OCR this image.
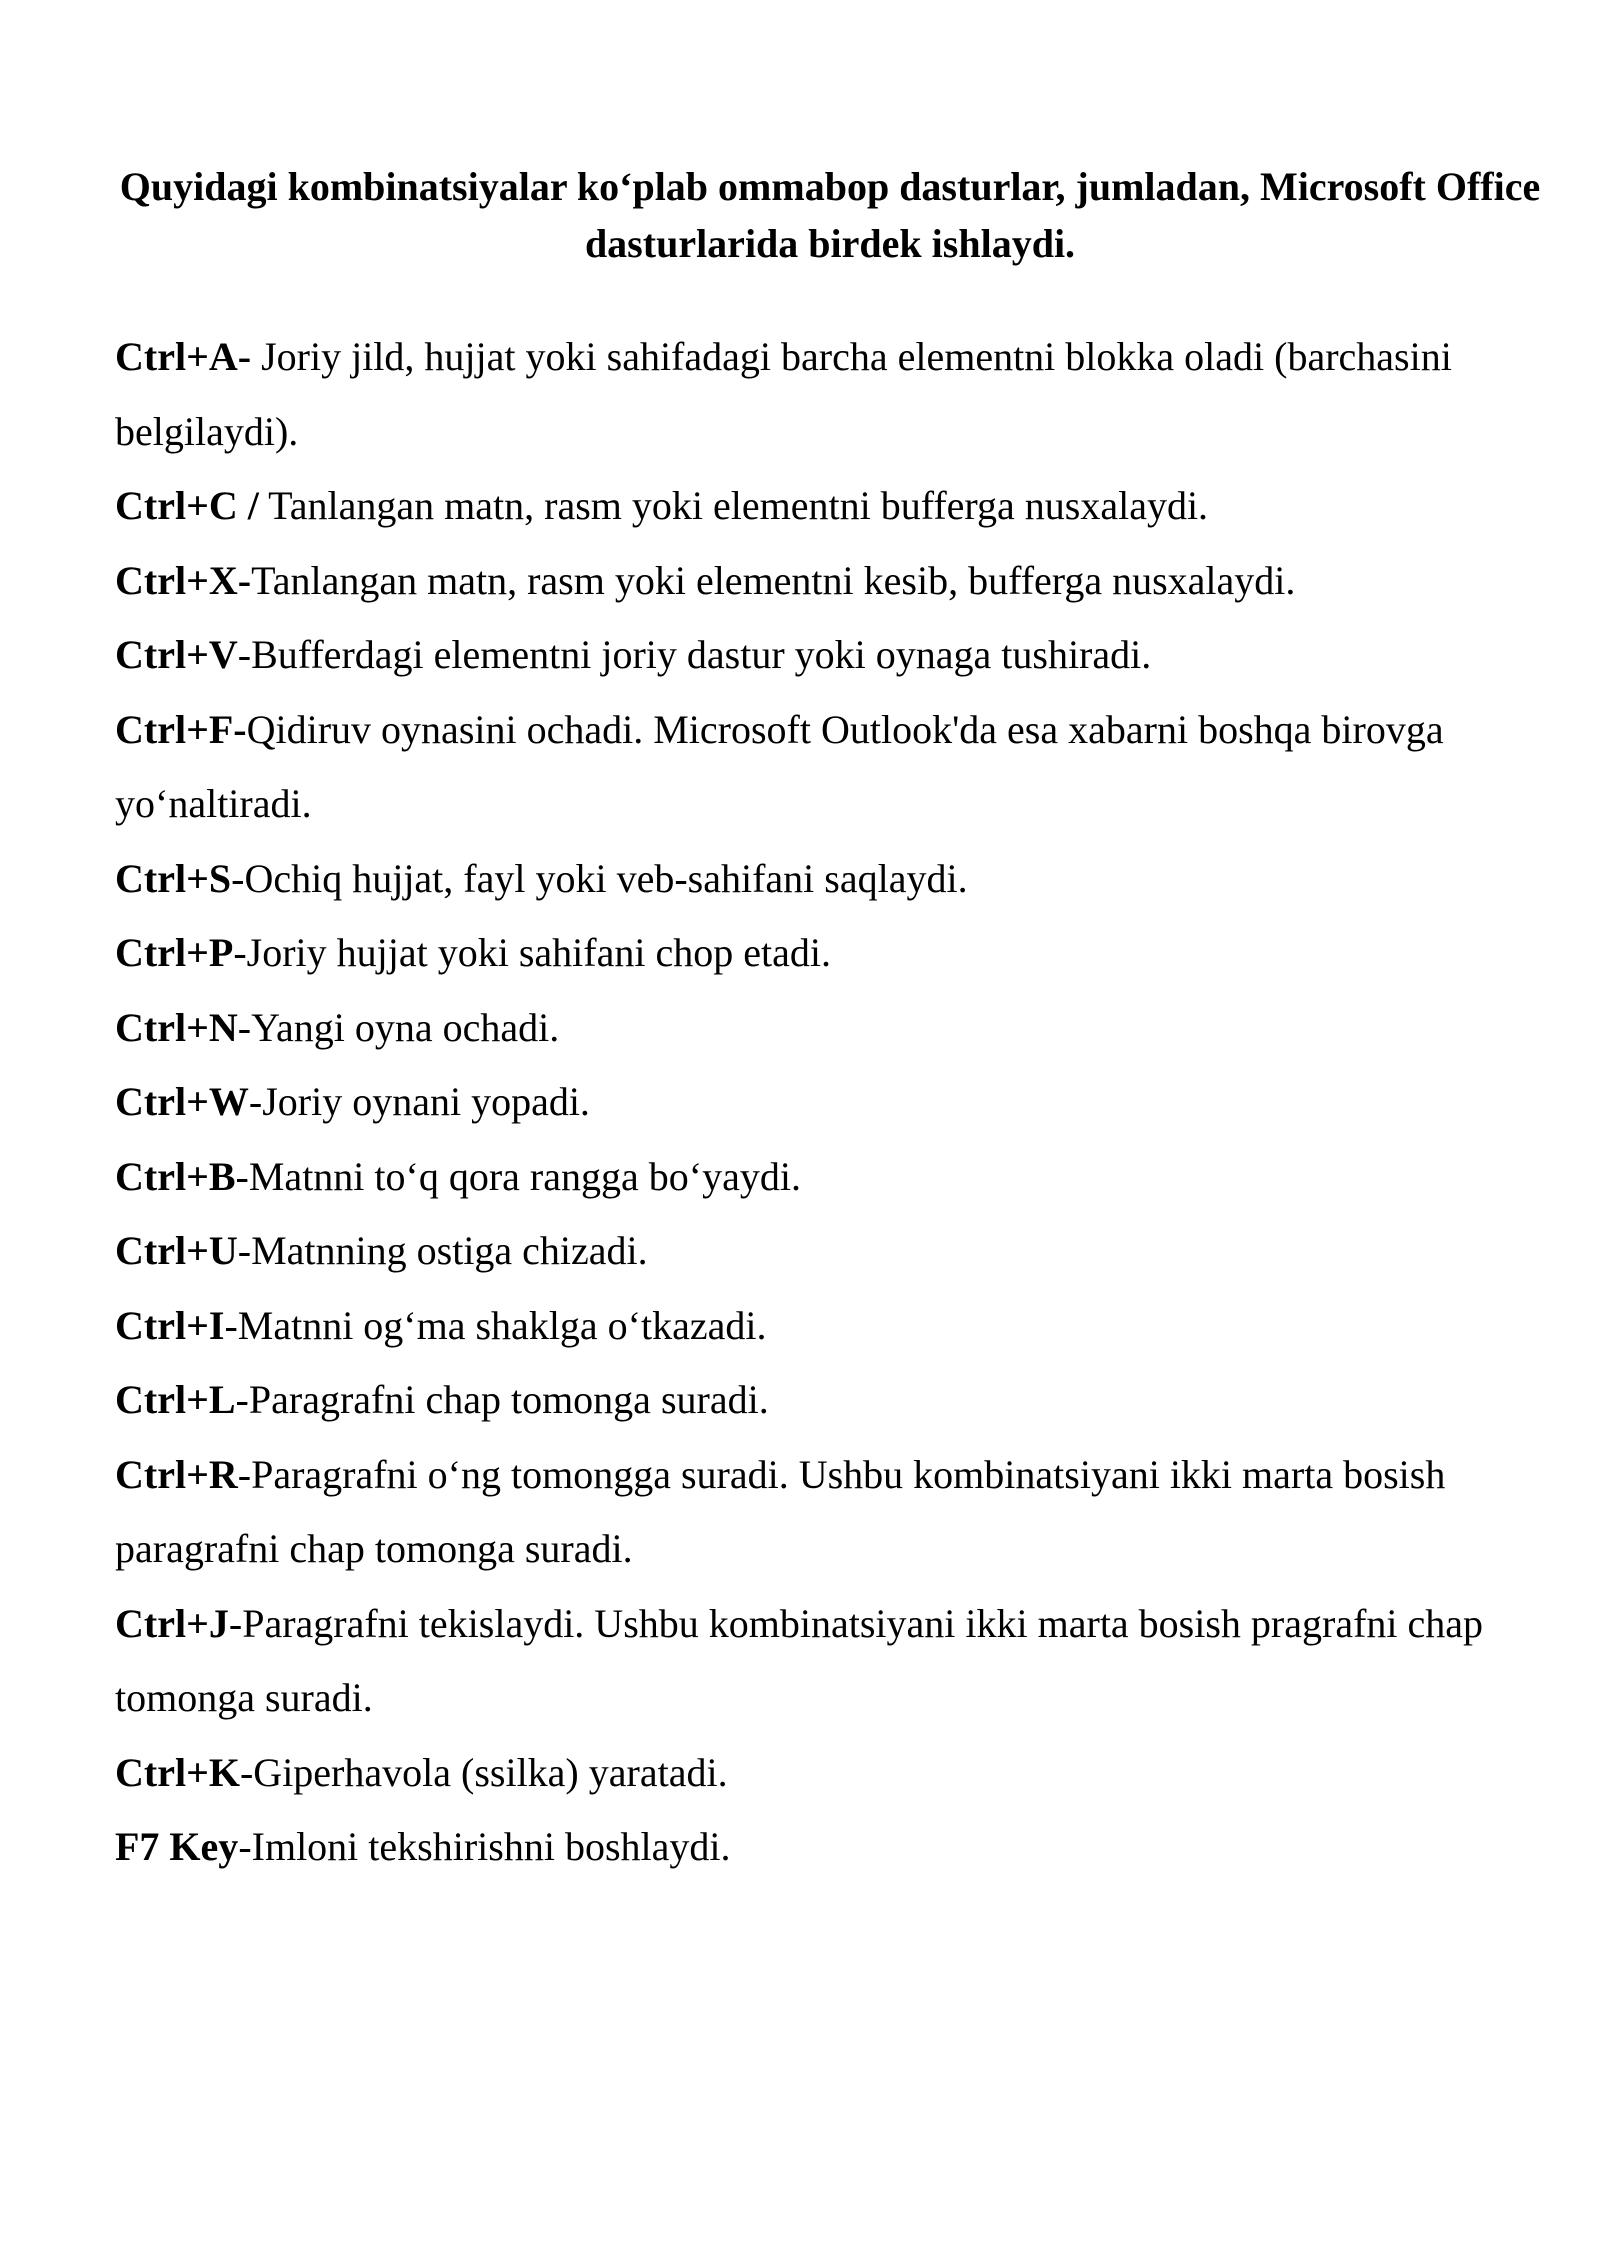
Quyidagi kombinatsiyalar ko‘plab ommabop dasturlar, jumladan, Microsoft Office dasturlarida birdek ishlaydi.

Ctrl+A- Joriy jild, hujjat yoki sahifadagi barcha elementni blokka oladi (barchasini belgilaydi).

Ctrl+C / Tanlangan matn, rasm yoki elementni bufferga nusxalaydi.

Ctrl+X-Tanlangan matn, rasm yoki elementni kesib, bufferga nusxalaydi.

Ctrl+V-Bufferdagi elementni joriy dastur yoki oynaga tushiradi.

Ctrl+F-Qidiruv oynasini ochadi. Microsoft Outlook'da esa xabarni boshqa birovga yo‘naltiradi.

Ctrl+S-Ochiq hujjat, fayl yoki veb-sahifani saqlaydi.

Ctrl+P-Joriy hujjat yoki sahifani chop etadi.

Ctrl+N-Yangi oyna ochadi.

Ctrl+W-Joriy oynani yopadi.

Ctrl+B-Matnni to‘q qora rangga bo‘yaydi.

Ctrl+U-Matnning ostiga chizadi.

Ctrl+I-Matnni og‘ma shaklga o‘tkazadi.

Ctrl+L-Paragrafni chap tomonga suradi.

Ctrl+R-Paragrafni o‘ng tomongga suradi. Ushbu kombinatsiyani ikki marta bosish paragrafni chap tomonga suradi.

Ctrl+J-Paragrafni tekislaydi. Ushbu kombinatsiyani ikki marta bosish pragrafni chap tomonga suradi.

Ctrl+K-Giperhavola (ssilka) yaratadi.

F7 Key-Imloni tekshirishni boshlaydi.
